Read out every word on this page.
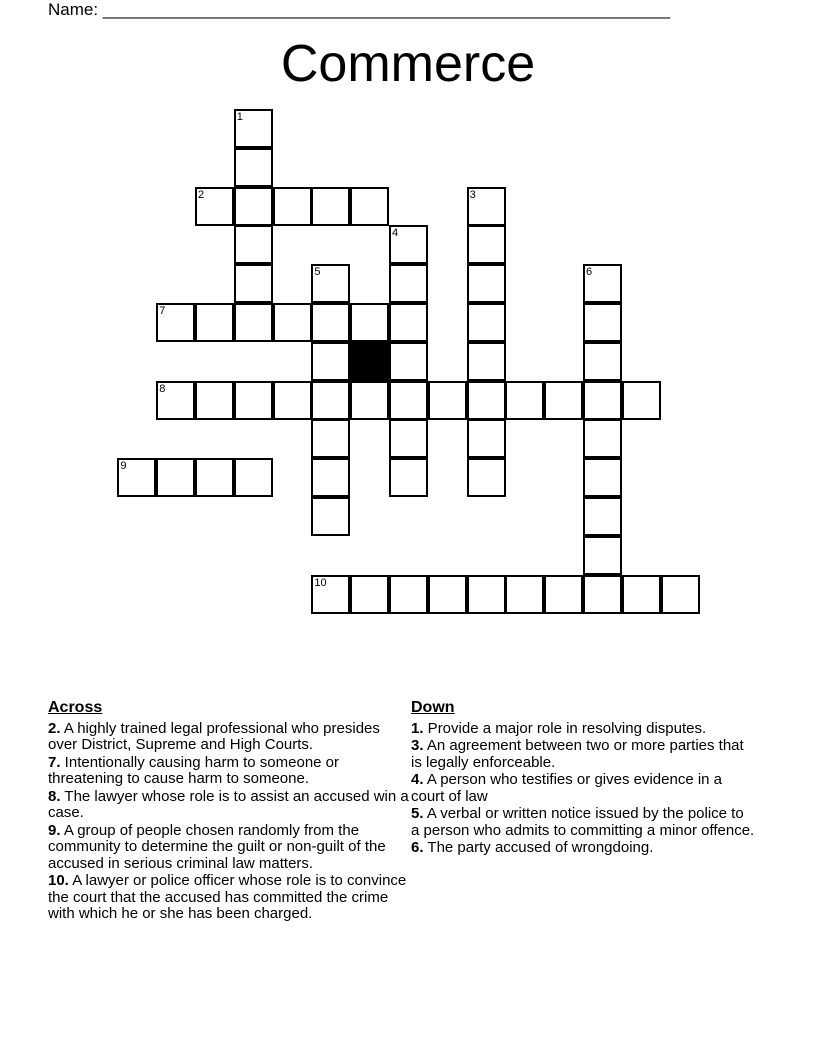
Name: ____________________________________________________________
Commerce
1
2	3
4
5	6
7
8
9
10
Across
2. A highly trained legal professional who presides over District, Supreme and High Courts.
7. Intentionally causing harm to someone or threatening to cause harm to someone.
8. The lawyer whose role is to assist an accused win a case.
9. A group of people chosen randomly from the community to determine the guilt or non-guilt of the accused in serious criminal law matters.
10. A lawyer or police officer whose role is to convince the court that the accused has committed the crime with which he or she has been charged.
Down
1. Provide a major role in resolving disputes.
3. An agreement between two or more parties that is legally enforceable.
4. A person who testifies or gives evidence in a court of law
5. A verbal or written notice issued by the police to a person who admits to committing a minor offence.
6. The party accused of wrongdoing.
